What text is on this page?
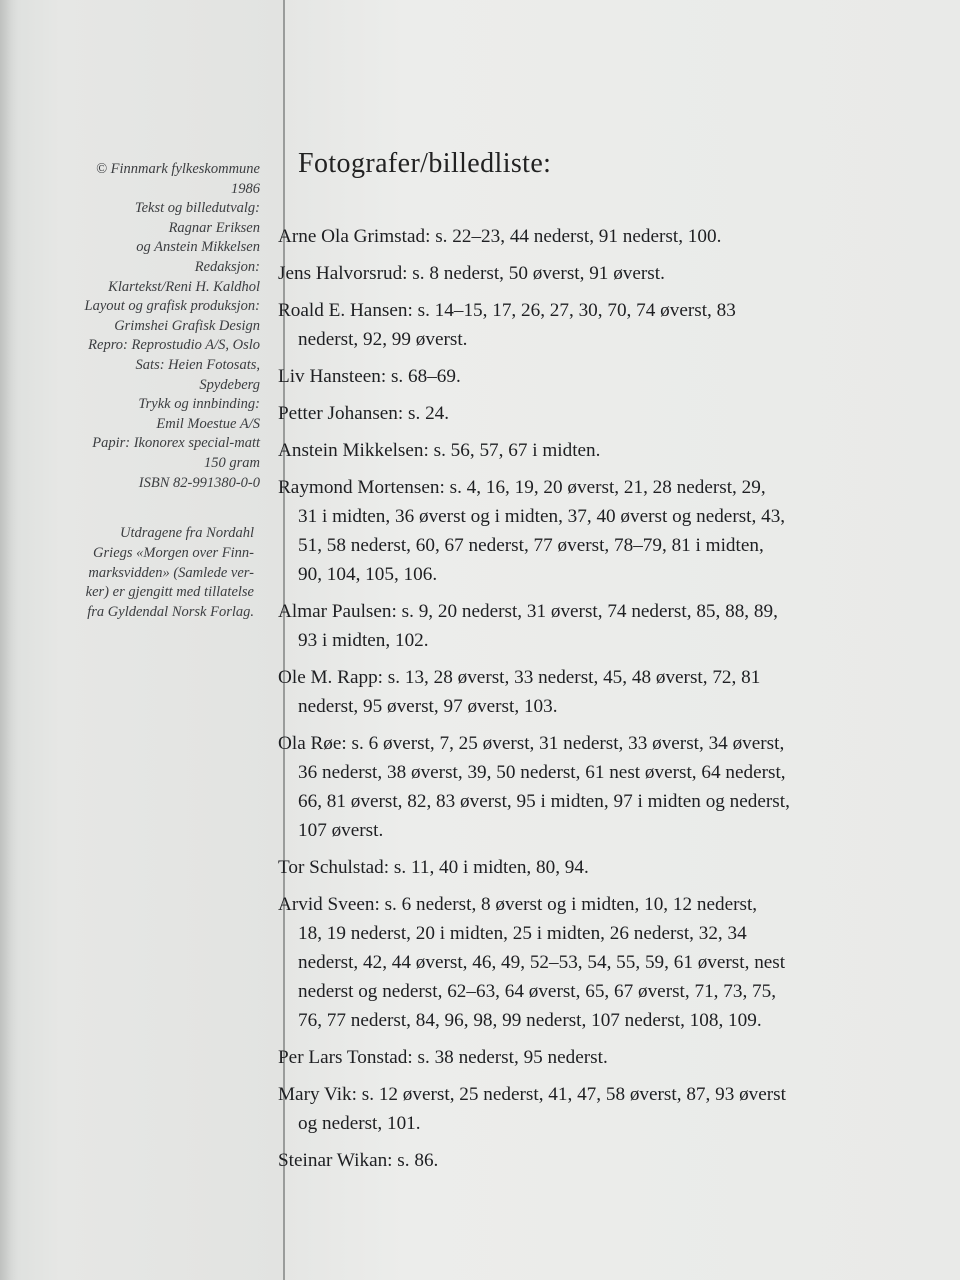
© Finnmark fylkeskommune
1986
Tekst og billedutvalg:
Ragnar Eriksen
og Anstein Mikkelsen
Redaksjon:
Klartekst/Reni H. Kaldhol
Layout og grafisk produksjon:
Grimshei Grafisk Design
Repro: Reprostudio A/S, Oslo
Sats: Heien Fotosats,
Spydeberg
Trykk og innbinding:
Emil Moestue A/S
Papir: Ikonorex special-matt
150 gram
ISBN 82-991380-0-0
Utdragene fra Nordahl
Griegs «Morgen over Finn-
marksvidden» (Samlede ver-
ker) er gjengitt med tillatelse
fra Gyldendal Norsk Forlag.
Fotografer/billedliste:
Arne Ola Grimstad: s. 22–23, 44 nederst, 91 nederst, 100.
Jens Halvorsrud: s. 8 nederst, 50 øverst, 91 øverst.
Roald E. Hansen: s. 14–15, 17, 26, 27, 30, 70, 74 øverst, 83
nederst, 92, 99 øverst.
Liv Hansteen: s. 68–69.
Petter Johansen: s. 24.
Anstein Mikkelsen: s. 56, 57, 67 i midten.
Raymond Mortensen: s. 4, 16, 19, 20 øverst, 21, 28 nederst, 29,
31 i midten, 36 øverst og i midten, 37, 40 øverst og nederst, 43,
51, 58 nederst, 60, 67 nederst, 77 øverst, 78–79, 81 i midten,
90, 104, 105, 106.
Almar Paulsen: s. 9, 20 nederst, 31 øverst, 74 nederst, 85, 88, 89,
93 i midten, 102.
Ole M. Rapp: s. 13, 28 øverst, 33 nederst, 45, 48 øverst, 72, 81
nederst, 95 øverst, 97 øverst, 103.
Ola Røe: s. 6 øverst, 7, 25 øverst, 31 nederst, 33 øverst, 34 øverst,
36 nederst, 38 øverst, 39, 50 nederst, 61 nest øverst, 64 nederst,
66, 81 øverst, 82, 83 øverst, 95 i midten, 97 i midten og nederst,
107 øverst.
Tor Schulstad: s. 11, 40 i midten, 80, 94.
Arvid Sveen: s. 6 nederst, 8 øverst og i midten, 10, 12 nederst,
18, 19 nederst, 20 i midten, 25 i midten, 26 nederst, 32, 34
nederst, 42, 44 øverst, 46, 49, 52–53, 54, 55, 59, 61 øverst, nest
nederst og nederst, 62–63, 64 øverst, 65, 67 øverst, 71, 73, 75,
76, 77 nederst, 84, 96, 98, 99 nederst, 107 nederst, 108, 109.
Per Lars Tonstad: s. 38 nederst, 95 nederst.
Mary Vik: s. 12 øverst, 25 nederst, 41, 47, 58 øverst, 87, 93 øverst
og nederst, 101.
Steinar Wikan: s. 86.
